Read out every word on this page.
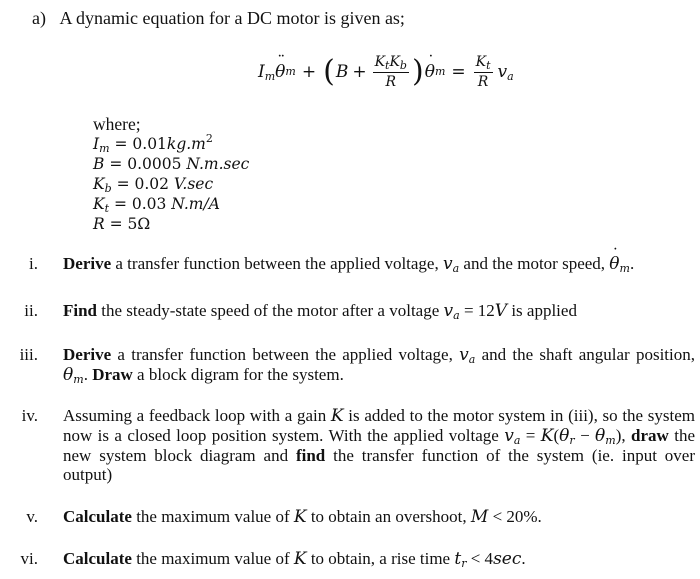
a) A dynamic equation for a DC motor is given as;
$I_m$ ¨ θ m + ( $B + \frac{K_tK_b}{R}$ ) ˙ θ $m = \frac{K_t}{R} v_a$
where;
$I_m = 0.01kg.m^2$
B = 0.0005 N.m.sec
$K_b = 0.02$ V.sec
$K_t = 0.03$ N.m/A
R = 5Ω
i. Derive a transfer function between the applied voltage, $v_a$ and the motor speed, ˙ $\theta_m$.
ii. Find the steady-state speed of the motor after a voltage $v_a = 12V$ is applied
iii. Derive a transfer function between the applied voltage, $v_a$ and the shaft angular position, $\theta_m$. Draw a block digram for the system.
iv. Assuming a feedback loop with a gain K is added to the motor system in (iii), so the system now is a closed loop position system. With the applied voltage $v_a = K(\theta_r - \theta_m)$, draw the new system block diagram and find the transfer function of the system (ie. input over output)
v. Calculate the maximum value of K to obtain an overshoot, M < 20%.
vi. Calculate the maximum value of K to obtain, a rise time $t_r < 4\sec$.
